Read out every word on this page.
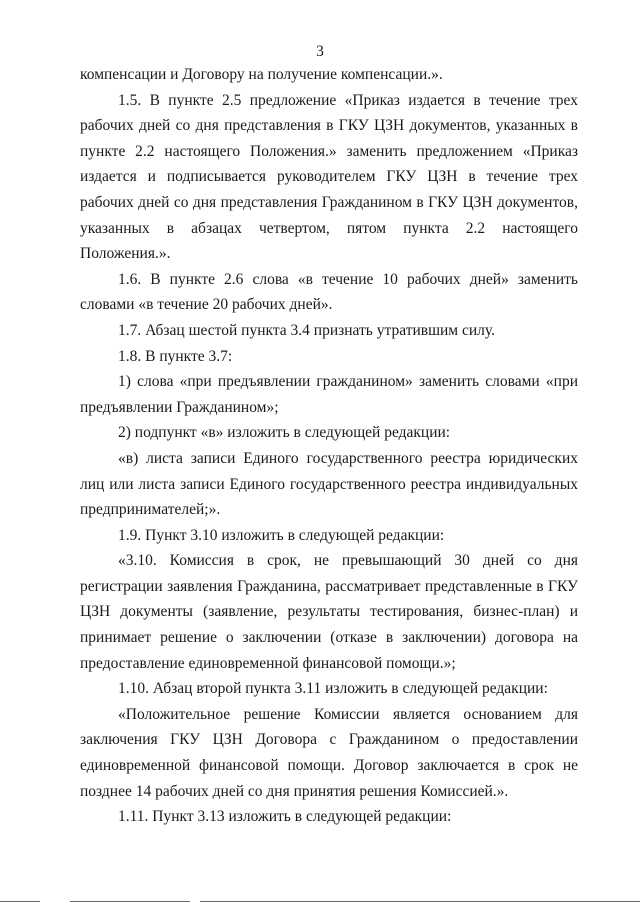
3

компенсации и Договору на получение компенсации.».

1.5. В пункте 2.5 предложение «Приказ издается в течение трех рабочих дней со дня представления в ГКУ ЦЗН документов, указанных в пункте 2.2 настоящего Положения.» заменить предложением «Приказ издается и подписывается руководителем ГКУ ЦЗН в течение трех рабочих дней со дня представления Гражданином в ГКУ ЦЗН документов, указанных в абзацах четвертом, пятом пункта 2.2 настоящего Положения.».

1.6. В пункте 2.6 слова «в течение 10 рабочих дней» заменить словами «в течение 20 рабочих дней».

1.7. Абзац шестой пункта 3.4 признать утратившим силу.

1.8. В пункте 3.7:

1) слова «при предъявлении гражданином» заменить словами «при предъявлении Гражданином»;

2) подпункт «в» изложить в следующей редакции:

«в) листа записи Единого государственного реестра юридических лиц или листа записи Единого государственного реестра индивидуальных предпринимателей;».

1.9. Пункт 3.10 изложить в следующей редакции:

«3.10. Комиссия в срок, не превышающий 30 дней со дня регистрации заявления Гражданина, рассматривает представленные в ГКУ ЦЗН документы (заявление, результаты тестирования, бизнес-план) и принимает решение о заключении (отказе в заключении) договора на предоставление единовременной финансовой помощи.»;

1.10. Абзац второй пункта 3.11 изложить в следующей редакции:

«Положительное решение Комиссии является основанием для заключения ГКУ ЦЗН Договора с Гражданином о предоставлении единовременной финансовой помощи. Договор заключается в срок не позднее 14 рабочих дней со дня принятия решения Комиссией.».

1.11. Пункт 3.13 изложить в следующей редакции:
